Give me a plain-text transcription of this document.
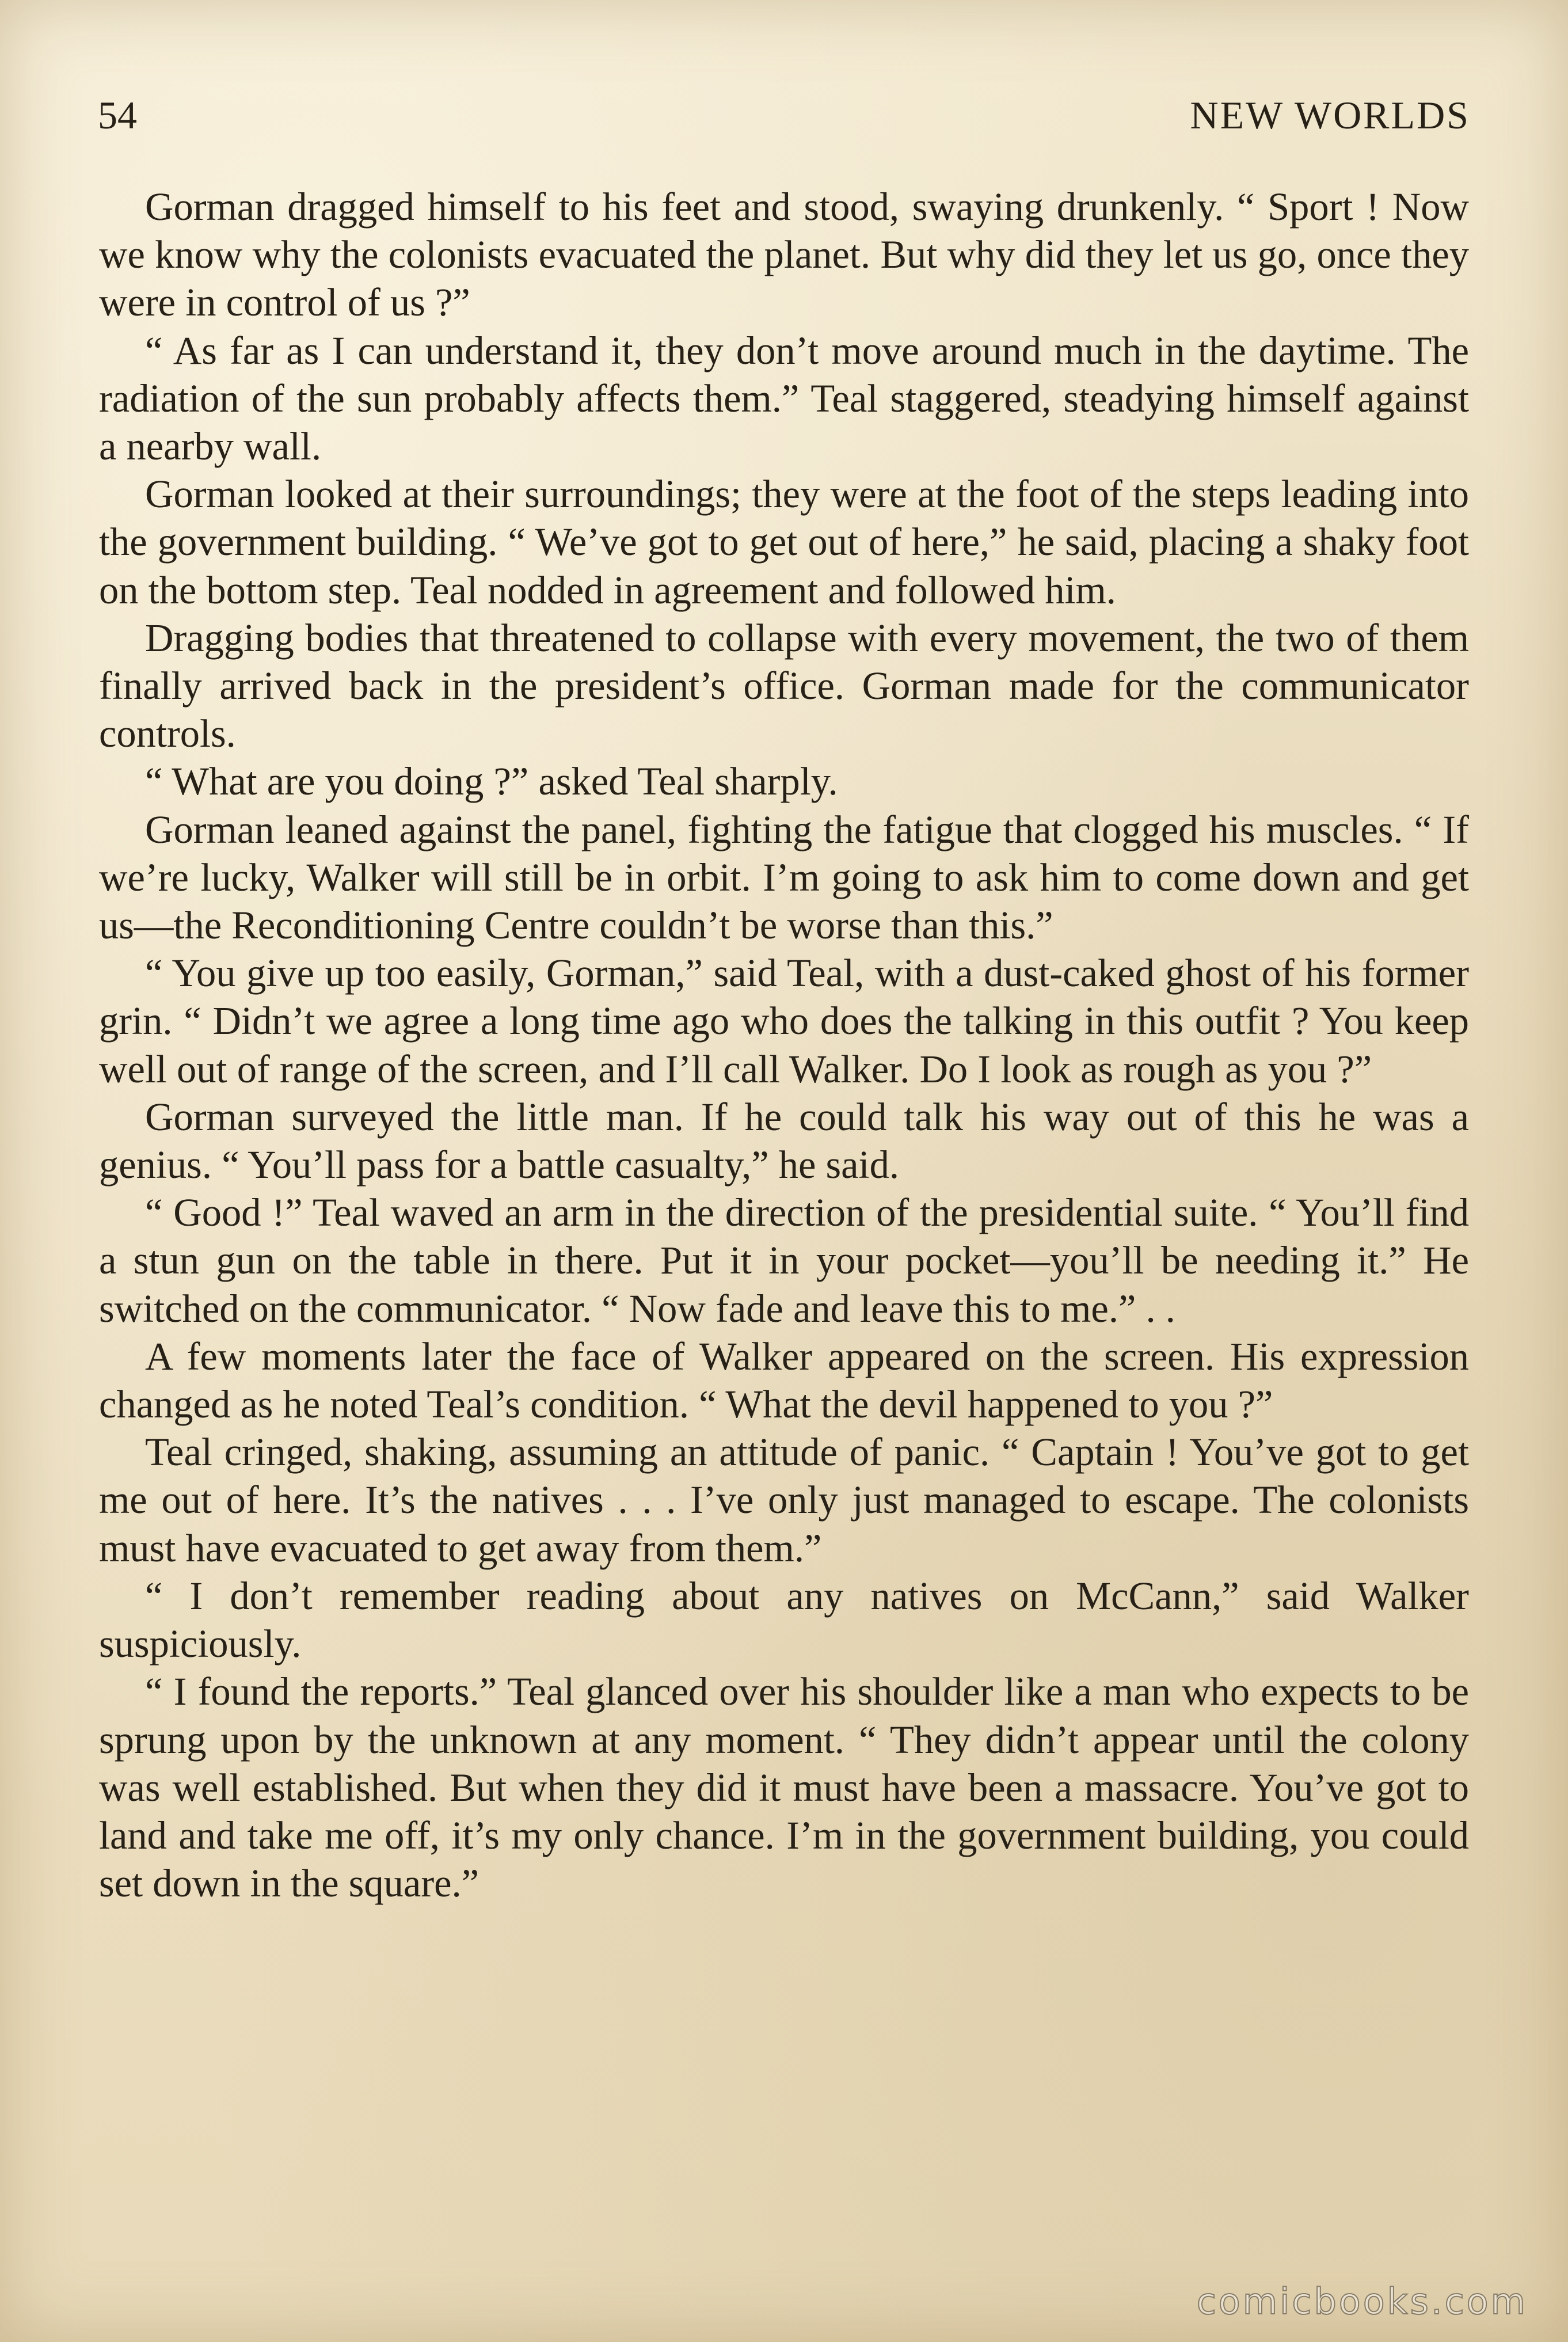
54	NEW WORLDS

Gorman dragged himself to his feet and stood, swaying drunkenly. “ Sport ! Now we know why the colonists evacuated the planet. But why did they let us go, once they were in control of us ?”

“ As far as I can understand it, they don’t move around much in the daytime. The radiation of the sun probably affects them.” Teal staggered, steadying himself against a nearby wall.

Gorman looked at their surroundings; they were at the foot of the steps leading into the government building. “ We’ve got to get out of here,” he said, placing a shaky foot on the bottom step. Teal nodded in agreement and followed him.

Dragging bodies that threatened to collapse with every movement, the two of them finally arrived back in the president’s office. Gorman made for the communicator controls.

“ What are you doing ?” asked Teal sharply.

Gorman leaned against the panel, fighting the fatigue that clogged his muscles. “ If we’re lucky, Walker will still be in orbit. I’m going to ask him to come down and get us—the Reconditioning Centre couldn’t be worse than this.”

“ You give up too easily, Gorman,” said Teal, with a dust-caked ghost of his former grin. “ Didn’t we agree a long time ago who does the talking in this outfit ? You keep well out of range of the screen, and I’ll call Walker. Do I look as rough as you ?”

Gorman surveyed the little man. If he could talk his way out of this he was a genius. “ You’ll pass for a battle casualty,” he said.

“ Good !” Teal waved an arm in the direction of the presidential suite. “ You’ll find a stun gun on the table in there. Put it in your pocket—you’ll be needing it.” He switched on the communicator. “ Now fade and leave this to me.” . .

A few moments later the face of Walker appeared on the screen. His expression changed as he noted Teal’s condition. “ What the devil happened to you ?”

Teal cringed, shaking, assuming an attitude of panic. “ Captain ! You’ve got to get me out of here. It’s the natives . . . I’ve only just managed to escape. The colonists must have evacuated to get away from them.”

“ I don’t remember reading about any natives on McCann,” said Walker suspiciously.

“ I found the reports.” Teal glanced over his shoulder like a man who expects to be sprung upon by the unknown at any moment. “ They didn’t appear until the colony was well established. But when they did it must have been a massacre. You’ve got to land and take me off, it’s my only chance. I’m in the government building, you could set down in the square.”

comicbooks.com
